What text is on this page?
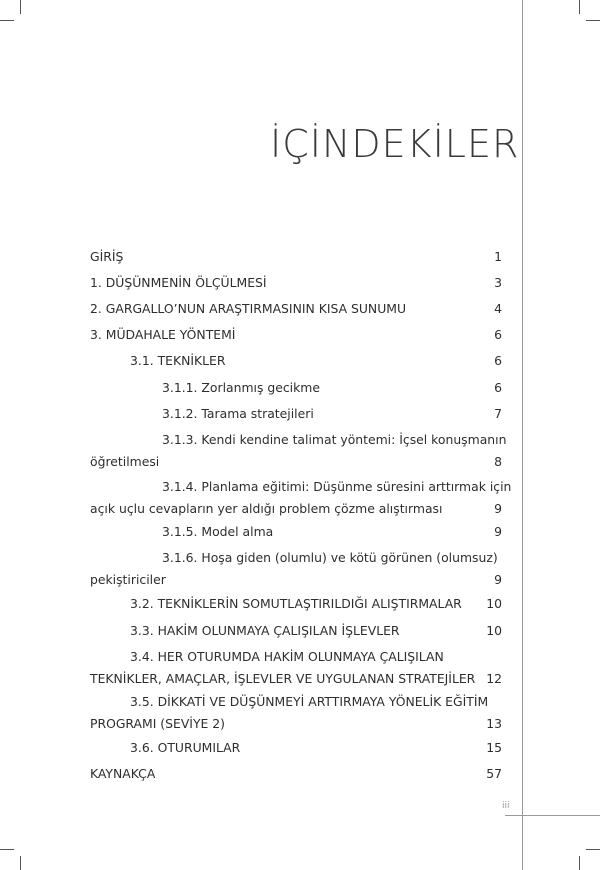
İÇİNDEKİLER
GİRİŞ	1
1. DÜŞÜNMENİN ÖLÇÜLMESİ	3
2. GARGALLO’NUN ARAŞTIRMASININ KISA SUNUMU	4
3. MÜDAHALE YÖNTEMİ	6
3.1. TEKNİKLER	6
3.1.1. Zorlanmış gecikme	6
3.1.2. Tarama stratejileri	7
3.1.3. Kendi kendine talimat yöntemi: İçsel konuşmanın
öğretilmesi	8
3.1.4. Planlama eğitimi: Düşünme süresini arttırmak için
açık uçlu cevapların yer aldığı problem çözme alıştırması	9
3.1.5. Model alma	9
3.1.6. Hoşa giden (olumlu) ve kötü görünen (olumsuz)
pekiştiriciler	9
3.2. TEKNİKLERİN SOMUTLAŞTIRILDIĞI ALIŞTIRMALAR 10
3.3. HAKİM OLUNMAYA ÇALIŞILAN İŞLEVLER	10
3.4. HER OTURUMDA HAKİM OLUNMAYA ÇALIŞILAN
TEKNİKLER, AMAÇLAR, İŞLEVLER VE UYGULANAN STRATEJİLER 12
3.5. DİKKATİ VE DÜŞÜNMEYİ ARTTIRMAYA YÖNELİK EĞİTİM
PROGRAMI (SEVİYE 2)	13
3.6. OTURUMILAR	15
KAYNAKÇA	57
iii
